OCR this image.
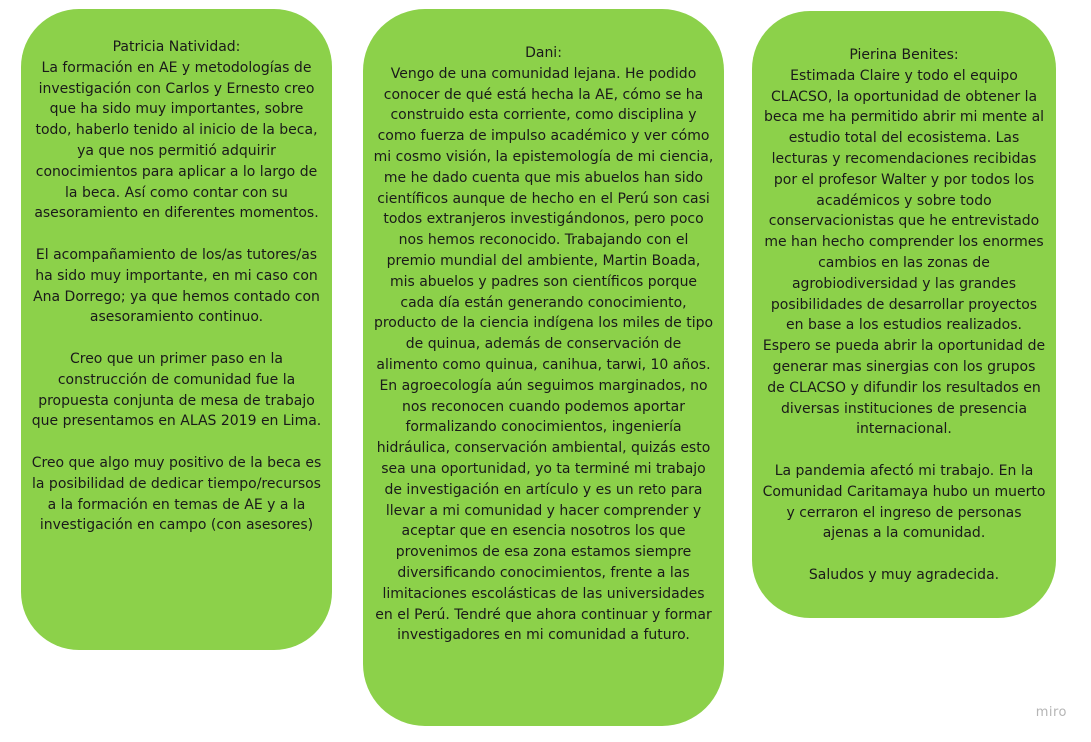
Patricia Natividad:

La formación en AE y metodologías de investigación con Carlos y Ernesto creo que ha sido muy importantes, sobre todo, haberlo tenido al inicio de la beca, ya que nos permitió adquirir conocimientos para aplicar a lo largo de la beca. Así como contar con su asesoramiento en diferentes momentos.

El acompañamiento de los/as tutores/as ha sido muy importante, en mi caso con Ana Dorrego; ya que hemos contado con asesoramiento continuo.

Creo que un primer paso en la construcción de comunidad fue la propuesta conjunta de mesa de trabajo que presentamos en ALAS 2019 en Lima.

Creo que algo muy positivo de la beca es la posibilidad de dedicar tiempo/recursos a la formación en temas de AE y a la investigación en campo (con asesores)

Dani:

Vengo de una comunidad lejana. He podido conocer de qué está hecha la AE, cómo se ha construido esta corriente, como disciplina y como fuerza de impulso académico y ver cómo mi cosmo visión, la epistemología de mi ciencia, me he dado cuenta que mis abuelos han sido científicos aunque de hecho en el Perú son casi todos extranjeros investigándonos, pero poco nos hemos reconocido. Trabajando con el premio mundial del ambiente, Martin Boada, mis abuelos y padres son científicos porque cada día están generando conocimiento, producto de la ciencia indígena los miles de tipo de quinua, además de conservación de alimento como quinua, canihua, tarwi, 10 años. En agroecología aún seguimos marginados, no nos reconocen cuando podemos aportar formalizando conocimientos, ingeniería hidráulica, conservación ambiental, quizás esto sea una oportunidad, yo ta terminé mi trabajo de investigación en artículo y es un reto para llevar a mi comunidad y hacer comprender y aceptar que en esencia nosotros los que provenimos de esa zona estamos siempre diversificando conocimientos, frente a las limitaciones escolásticas de las universidades en el Perú. Tendré que ahora continuar y formar investigadores en mi comunidad a futuro.

Pierina Benites:

Estimada Claire y todo el equipo CLACSO, la oportunidad de obtener la beca me ha permitido abrir mi mente al estudio total del ecosistema. Las lecturas y recomendaciones recibidas por el profesor Walter y por todos los académicos y sobre todo conservacionistas que he entrevistado me han hecho comprender los enormes cambios en las zonas de agrobiodiversidad y las grandes posibilidades de desarrollar proyectos en base a los estudios realizados. Espero se pueda abrir la oportunidad de generar mas sinergias con los grupos de CLACSO y difundir los resultados en diversas instituciones de presencia internacional.

La pandemia afectó mi trabajo. En la Comunidad Caritamaya hubo un muerto y cerraron el ingreso de personas ajenas a la comunidad.

Saludos y muy agradecida.

miro
